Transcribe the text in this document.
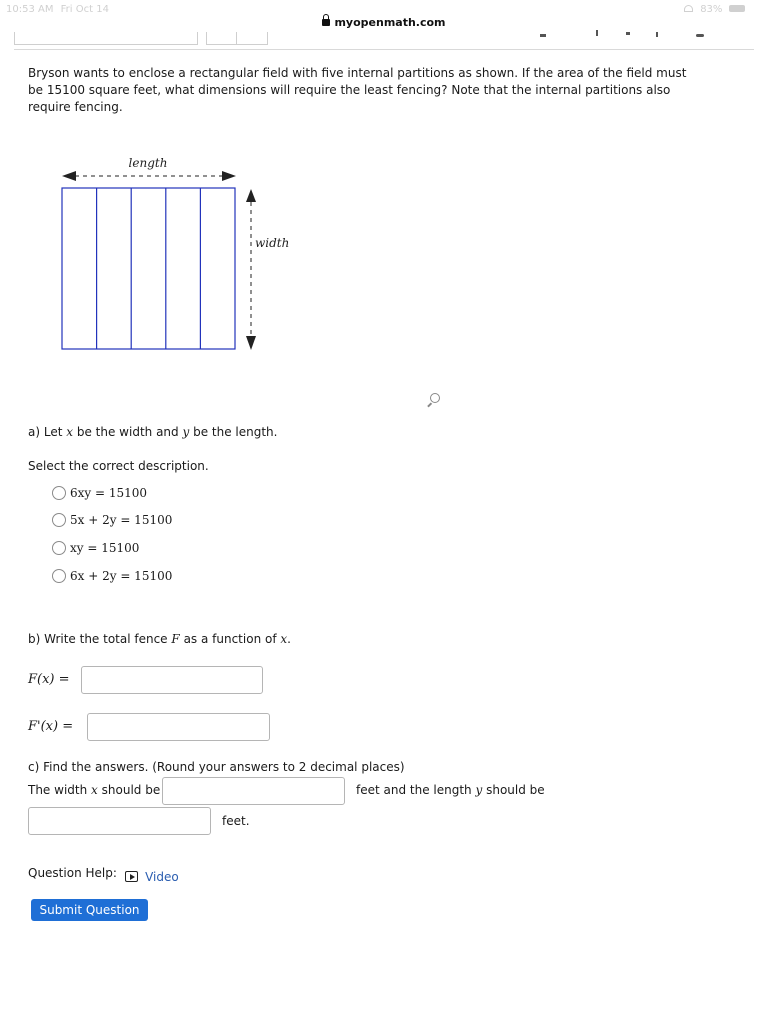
10:53 AM Fri Oct 14	83%
myopenmath.com
Bryson wants to enclose a rectangular field with five internal partitions as shown. If the area of the field must be 15100 square feet, what dimensions will require the least fencing? Note that the internal partitions also require fencing.
length
width
a) Let x be the width and y be the length.
Select the correct description.
6xy = 15100
5x + 2y = 15100
xy = 15100
6x + 2y = 15100
b) Write the total fence F as a function of x.
F(x) =
F'(x) =
c) Find the answers. (Round your answers to 2 decimal places)
The width x should be	feet and the length y should be
feet.
Question Help:	Video
Submit Question
